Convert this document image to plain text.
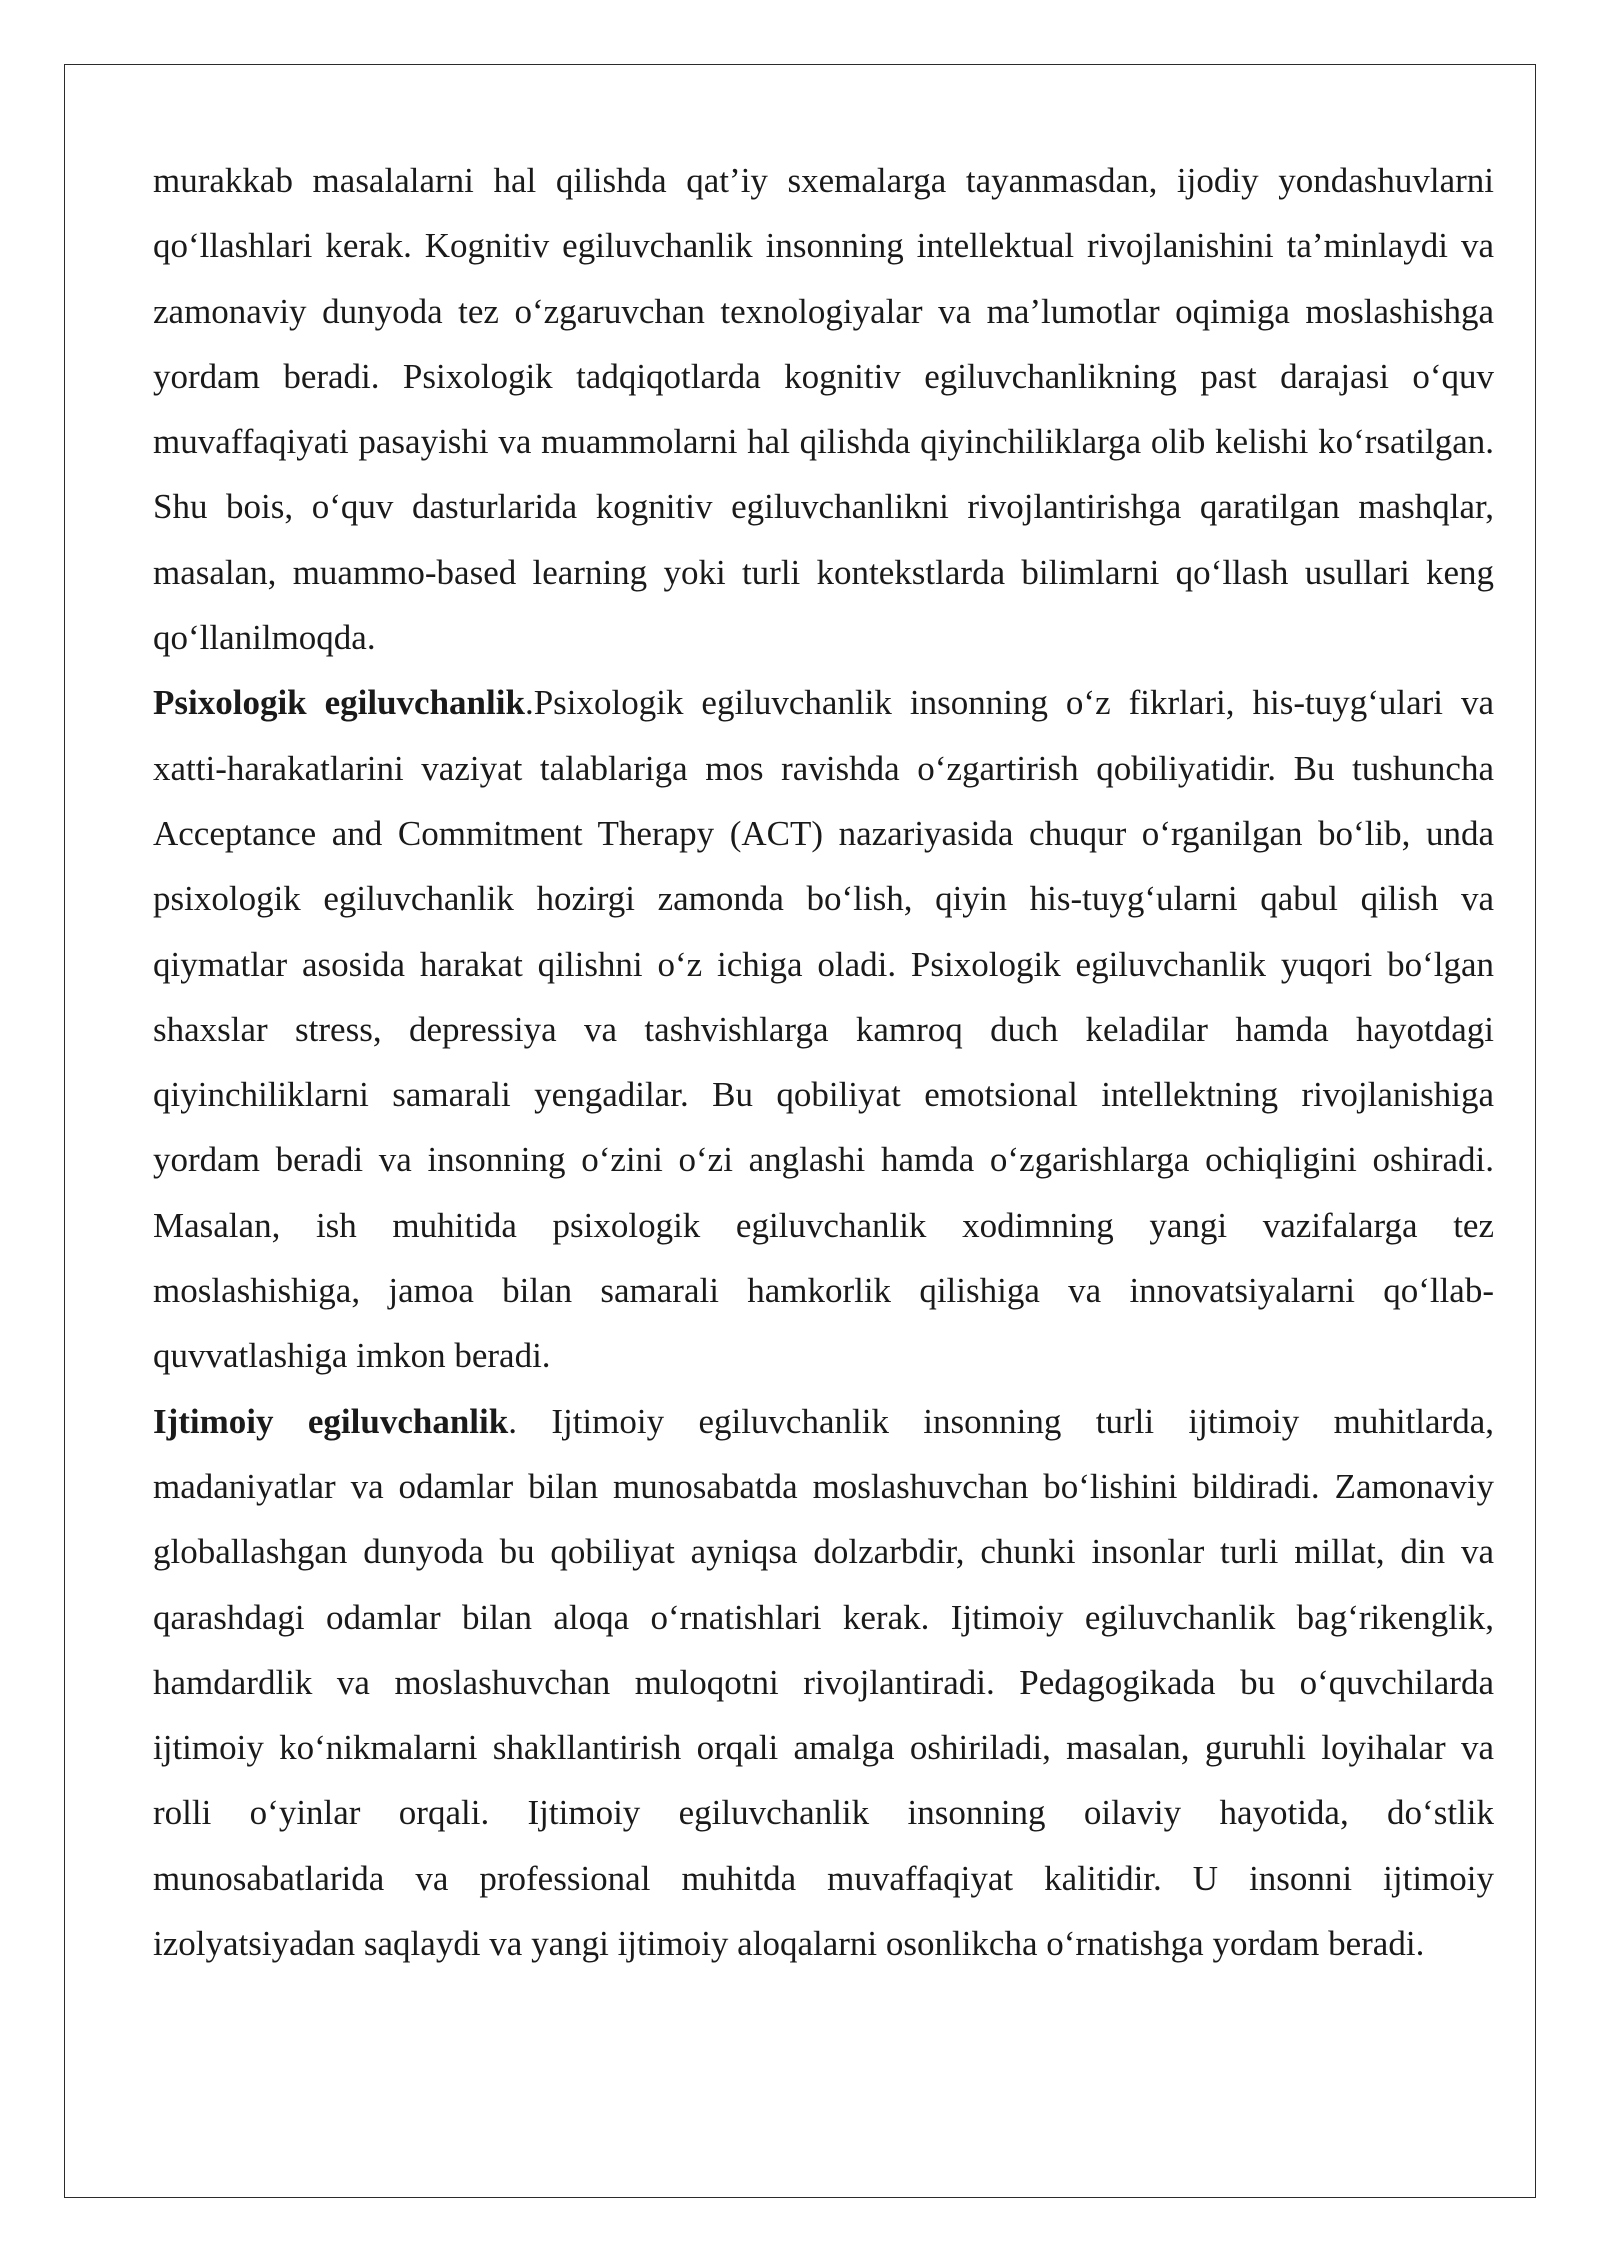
murakkab masalalarni hal qilishda qat’iy sxemalarga tayanmasdan, ijodiy yondashuvlarni qo‘llashlari kerak. Kognitiv egiluvchanlik insonning intellektual rivojlanishini ta’minlaydi va zamonaviy dunyoda tez o‘zgaruvchan texnologiyalar va ma’lumotlar oqimiga moslashishga yordam beradi. Psixologik tadqiqotlarda kognitiv egiluvchanlikning past darajasi o‘quv muvaffaqiyati pasayishi va muammolarni hal qilishda qiyinchiliklarga olib kelishi ko‘rsatilgan. Shu bois, o‘quv dasturlarida kognitiv egiluvchanlikni rivojlantirishga qaratilgan mashqlar, masalan, muammo-based learning yoki turli kontekstlarda bilimlarni qo‘llash usullari keng qo‘llanilmoqda.

Psixologik egiluvchanlik.Psixologik egiluvchanlik insonning o‘z fikrlari, his-tuyg‘ulari va xatti-harakatlarini vaziyat talablariga mos ravishda o‘zgartirish qobiliyatidir. Bu tushuncha Acceptance and Commitment Therapy (ACT) nazariyasida chuqur o‘rganilgan bo‘lib, unda psixologik egiluvchanlik hozirgi zamonda bo‘lish, qiyin his-tuyg‘ularni qabul qilish va qiymatlar asosida harakat qilishni o‘z ichiga oladi. Psixologik egiluvchanlik yuqori bo‘lgan shaxslar stress, depressiya va tashvishlarga kamroq duch keladilar hamda hayotdagi qiyinchiliklarni samarali yengadilar. Bu qobiliyat emotsional intellektning rivojlanishiga yordam beradi va insonning o‘zini o‘zi anglashi hamda o‘zgarishlarga ochiqligini oshiradi. Masalan, ish muhitida psixologik egiluvchanlik xodimning yangi vazifalarga tez moslashishiga, jamoa bilan samarali hamkorlik qilishiga va innovatsiyalarni qo‘llab-quvvatlashiga imkon beradi.

Ijtimoiy egiluvchanlik. Ijtimoiy egiluvchanlik insonning turli ijtimoiy muhitlarda, madaniyatlar va odamlar bilan munosabatda moslashuvchan bo‘lishini bildiradi. Zamonaviy globallashgan dunyoda bu qobiliyat ayniqsa dolzarbdir, chunki insonlar turli millat, din va qarashdagi odamlar bilan aloqa o‘rnatishlari kerak. Ijtimoiy egiluvchanlik bag‘rikenglik, hamdardlik va moslashuvchan muloqotni rivojlantiradi. Pedagogikada bu o‘quvchilarda ijtimoiy ko‘nikmalarni shakllantirish orqali amalga oshiriladi, masalan, guruhli loyihalar va rolli o‘yinlar orqali. Ijtimoiy egiluvchanlik insonning oilaviy hayotida, do‘stlik munosabatlarida va professional muhitda muvaffaqiyat kalitidir. U insonni ijtimoiy izolyatsiyadan saqlaydi va yangi ijtimoiy aloqalarni osonlikcha o‘rnatishga yordam beradi.
